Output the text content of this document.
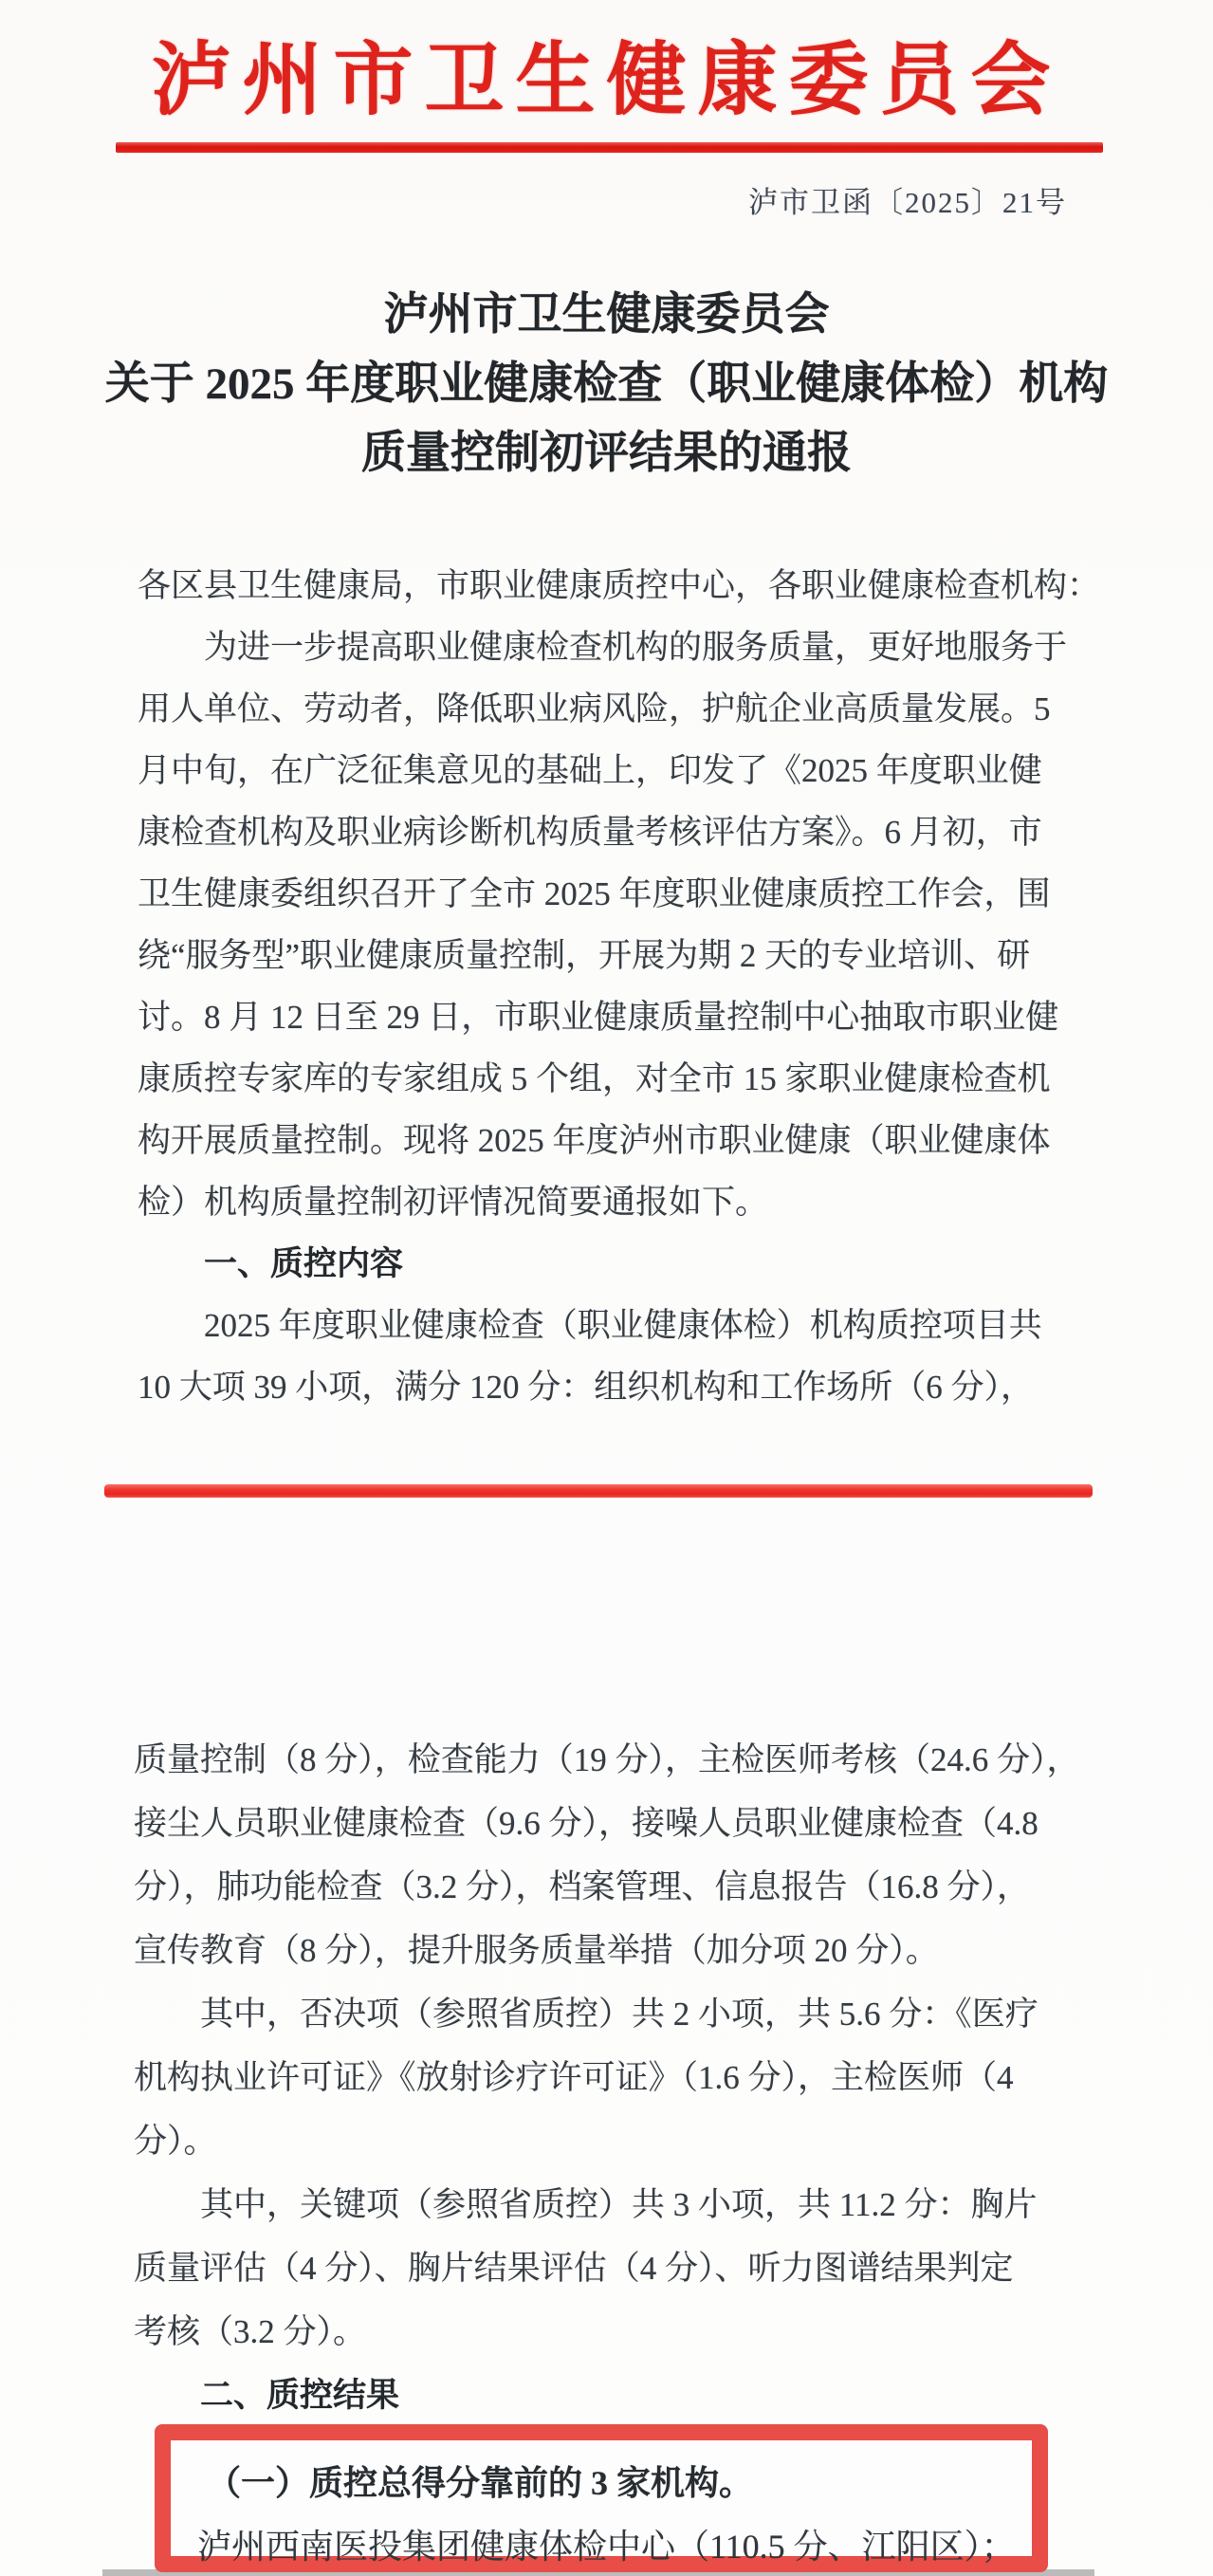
泸州市卫生健康委员会
泸市卫函〔2025〕21号
泸州市卫生健康委员会
关于 2025 年度职业健康检查（职业健康体检）机构
质量控制初评结果的通报
各区县卫生健康局，市职业健康质控中心，各职业健康检查机构：
为进一步提高职业健康检查机构的服务质量，更好地服务于
用人单位、劳动者，降低职业病风险，护航企业高质量发展。5
月中旬，在广泛征集意见的基础上，印发了《2025 年度职业健
康检查机构及职业病诊断机构质量考核评估方案》。6 月初，市
卫生健康委组织召开了全市 2025 年度职业健康质控工作会，围
绕“服务型”职业健康质量控制，开展为期 2 天的专业培训、研
讨。8 月 12 日至 29 日，市职业健康质量控制中心抽取市职业健
康质控专家库的专家组成 5 个组，对全市 15 家职业健康检查机
构开展质量控制。现将 2025 年度泸州市职业健康（职业健康体
检）机构质量控制初评情况简要通报如下。
一、质控内容
2025 年度职业健康检查（职业健康体检）机构质控项目共
10 大项 39 小项，满分 120 分：组织机构和工作场所（6 分），
质量控制（8 分），检查能力（19 分），主检医师考核（24.6 分），
接尘人员职业健康检查（9.6 分），接噪人员职业健康检查（4.8
分），肺功能检查（3.2 分），档案管理、信息报告（16.8 分），
宣传教育（8 分），提升服务质量举措（加分项 20 分）。
其中，否决项（参照省质控）共 2 小项，共 5.6 分：《医疗
机构执业许可证》《放射诊疗许可证》（1.6 分），主检医师（4
分）。
其中，关键项（参照省质控）共 3 小项，共 11.2 分：胸片
质量评估（4 分）、胸片结果评估（4 分）、听力图谱结果判定
考核（3.2 分）。
二、质控结果
（一）质控总得分靠前的 3 家机构。
泸州西南医投集团健康体检中心（110.5 分、江阳区）；
